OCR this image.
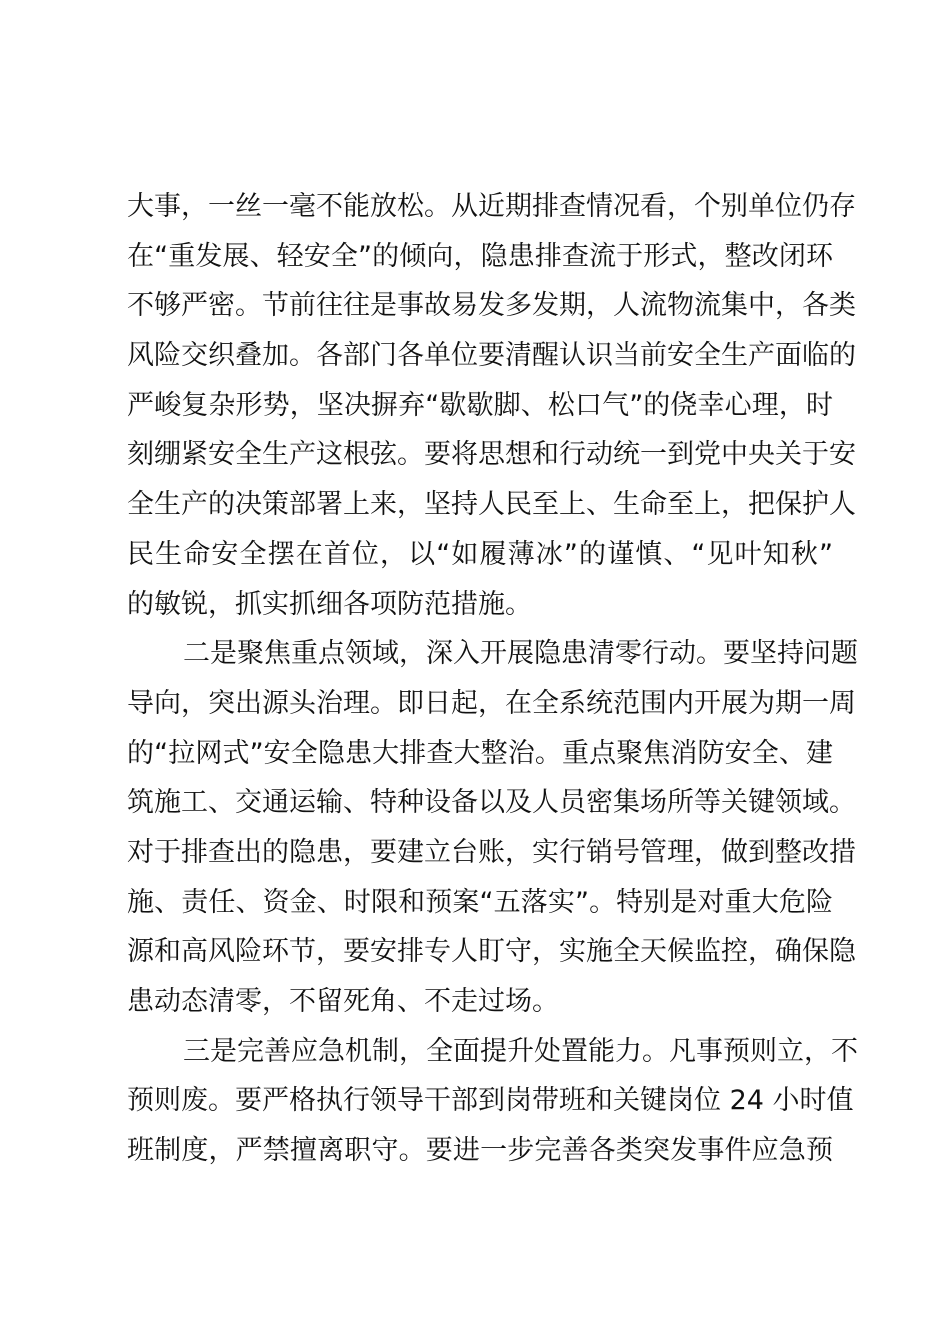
大事，一丝一毫不能放松。从近期排查情况看，个别单位仍存
在“重发展、轻安全”的倾向，隐患排查流于形式，整改闭环
不够严密。节前往往是事故易发多发期，人流物流集中，各类
风险交织叠加。各部门各单位要清醒认识当前安全生产面临的
严峻复杂形势，坚决摒弃“歇歇脚、松口气”的侥幸心理，时
刻绷紧安全生产这根弦。要将思想和行动统一到党中央关于安
全生产的决策部署上来，坚持人民至上、生命至上，把保护人
民生命安全摆在首位，以“如履薄冰”的谨慎、“见叶知秋”
的敏锐，抓实抓细各项防范措施。
二是聚焦重点领域，深入开展隐患清零行动。要坚持问题
导向，突出源头治理。即日起，在全系统范围内开展为期一周
的“拉网式”安全隐患大排查大整治。重点聚焦消防安全、建
筑施工、交通运输、特种设备以及人员密集场所等关键领域。
对于排查出的隐患，要建立台账，实行销号管理，做到整改措
施、责任、资金、时限和预案“五落实”。特别是对重大危险
源和高风险环节，要安排专人盯守，实施全天候监控，确保隐
患动态清零，不留死角、不走过场。
三是完善应急机制，全面提升处置能力。凡事预则立，不
预则废。要严格执行领导干部到岗带班和关键岗位 24 小时值
班制度，严禁擅离职守。要进一步完善各类突发事件应急预
